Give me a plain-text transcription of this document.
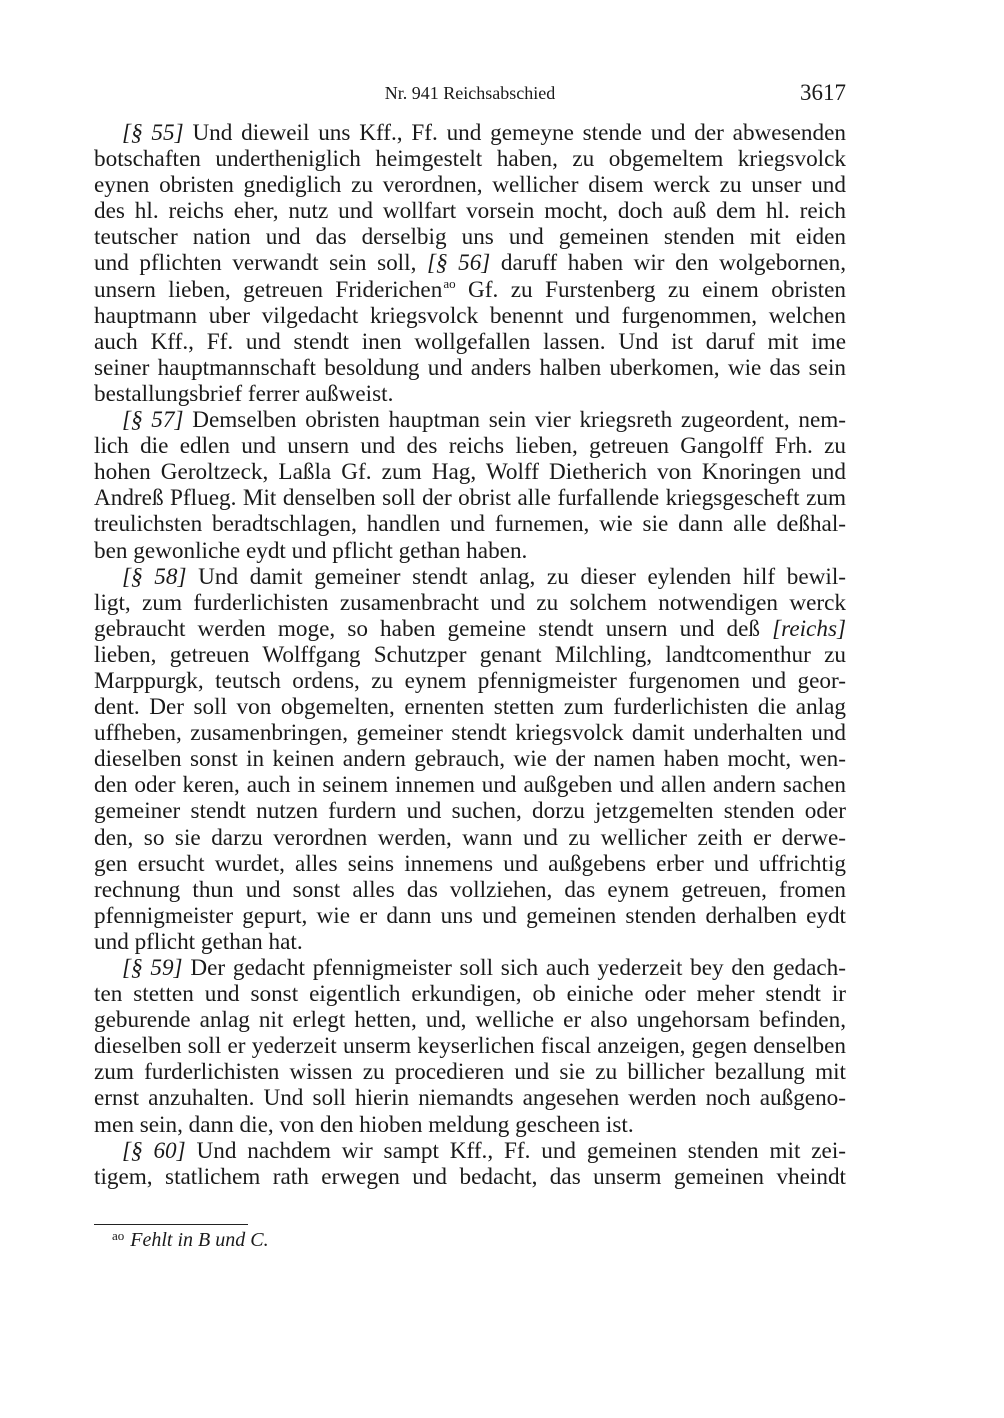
Nr. 941 Reichsabschied	3617
[§ 55] Und dieweil uns Kff., Ff. und gemeyne stende und der abwesenden
botschaften undertheniglich heimgestelt haben, zu obgemeltem kriegsvolck
eynen obristen gnediglich zu verordnen, wellicher disem werck zu unser und
des hl. reichs eher, nutz und wollfart vorsein mocht, doch auß dem hl. reich
teutscher nation und das derselbig uns und gemeinen stenden mit eiden
und pflichten verwandt sein soll, [§ 56] daruff haben wir den wolgebornen,
unsern lieben, getreuen Friderichen$^{ao}$ Gf. zu Furstenberg zu einem obristen
hauptmann uber vilgedacht kriegsvolck benennt und furgenommen, welchen
auch Kff., Ff. und stendt inen wollgefallen lassen. Und ist daruf mit ime
seiner hauptmannschaft besoldung und anders halben uberkomen, wie das sein
bestallungsbrief ferrer außweist.
[§ 57] Demselben obristen hauptman sein vier kriegsreth zugeordent, nem-
lich die edlen und unsern und des reichs lieben, getreuen Gangolff Frh. zu
hohen Geroltzeck, Laßla Gf. zum Hag, Wolff Dietherich von Knoringen und
Andreß Pflueg. Mit denselben soll der obrist alle furfallende kriegsgescheft zum
treulichsten beradtschlagen, handlen und furnemen, wie sie dann alle deßhal-
ben gewonliche eydt und pflicht gethan haben.
[§ 58] Und damit gemeiner stendt anlag, zu dieser eylenden hilf bewil-
ligt, zum furderlichisten zusamenbracht und zu solchem notwendigen werck
gebraucht werden moge, so haben gemeine stendt unsern und deß [reichs]
lieben, getreuen Wolffgang Schutzper genant Milchling, landtcomenthur zu
Marppurgk, teutsch ordens, zu eynem pfennigmeister furgenomen und geor-
dent. Der soll von obgemelten, ernenten stetten zum furderlichisten die anlag
uffheben, zusamenbringen, gemeiner stendt kriegsvolck damit underhalten und
dieselben sonst in keinen andern gebrauch, wie der namen haben mocht, wen-
den oder keren, auch in seinem innemen und außgeben und allen andern sachen
gemeiner stendt nutzen furdern und suchen, dorzu jetzgemelten stenden oder
den, so sie darzu verordnen werden, wann und zu wellicher zeith er derwe-
gen ersucht wurdet, alles seins innemens und außgebens erber und uffrichtig
rechnung thun und sonst alles das vollziehen, das eynem getreuen, fromen
pfennigmeister gepurt, wie er dann uns und gemeinen stenden derhalben eydt
und pflicht gethan hat.
[§ 59] Der gedacht pfennigmeister soll sich auch yederzeit bey den gedach-
ten stetten und sonst eigentlich erkundigen, ob einiche oder meher stendt ir
geburende anlag nit erlegt hetten, und, welliche er also ungehorsam befinden,
dieselben soll er yederzeit unserm keyserlichen fiscal anzeigen, gegen denselben
zum furderlichisten wissen zu procedieren und sie zu billicher bezallung mit
ernst anzuhalten. Und soll hierin niemandts angesehen werden noch außgeno-
men sein, dann die, von den hioben meldung gescheen ist.
[§ 60] Und nachdem wir sampt Kff., Ff. und gemeinen stenden mit zei-
tigem, statlichem rath erwegen und bedacht, das unserm gemeinen vheindt
$^{ao}$ Fehlt in B und C.
